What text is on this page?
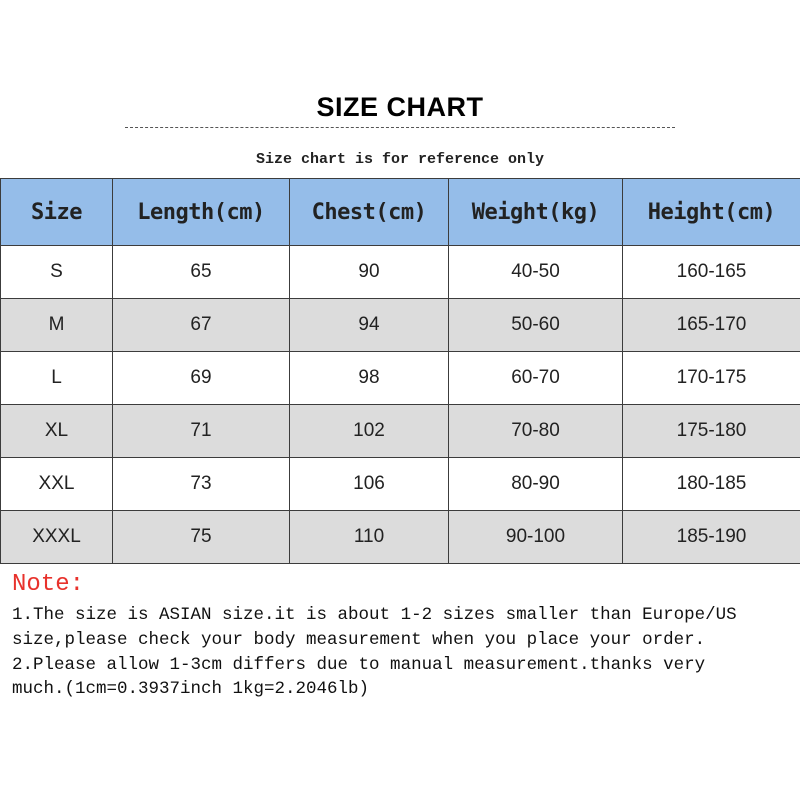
SIZE CHART
Size chart is for reference only
Size	Length(cm)	Chest(cm)	Weight(kg)	Height(cm)
S	65	90	40-50	160-165
M	67	94	50-60	165-170
L	69	98	60-70	170-175
XL	71	102	70-80	175-180
XXL	73	106	80-90	180-185
XXXL	75	110	90-100	185-190
Note:
1.The size is ASIAN size.it is about 1-2 sizes smaller than Europe/US
size,please check your body measurement when you place your order.
2.Please allow 1-3cm differs due to manual measurement.thanks very
much.(1cm=0.3937inch 1kg=2.2046lb)
